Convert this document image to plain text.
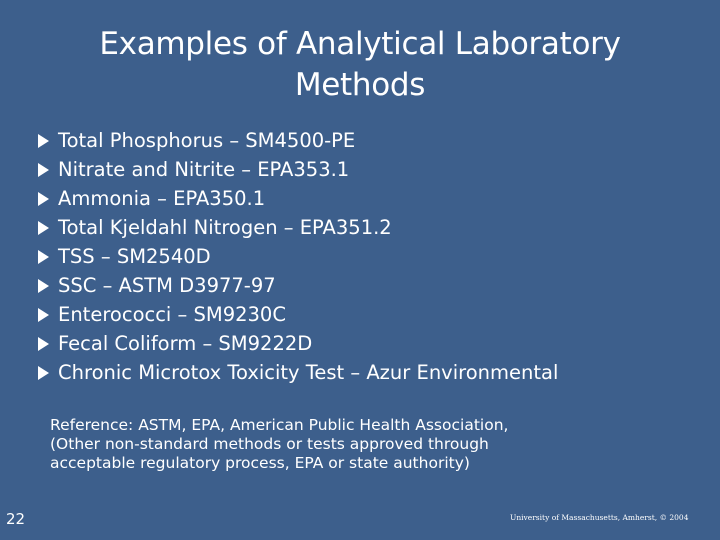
Examples of Analytical Laboratory
Methods
Total Phosphorus – SM4500-PE
Nitrate and Nitrite – EPA353.1
Ammonia – EPA350.1
Total Kjeldahl Nitrogen – EPA351.2
TSS – SM2540D
SSC – ASTM D3977-97
Enterococci – SM9230C
Fecal Coliform – SM9222D
Chronic Microtox Toxicity Test – Azur Environmental
Reference: ASTM, EPA, American Public Health Association,
(Other non-standard methods or tests approved through
acceptable regulatory process, EPA or state authority)
22	University of Massachusetts, Amherst, © 2004
